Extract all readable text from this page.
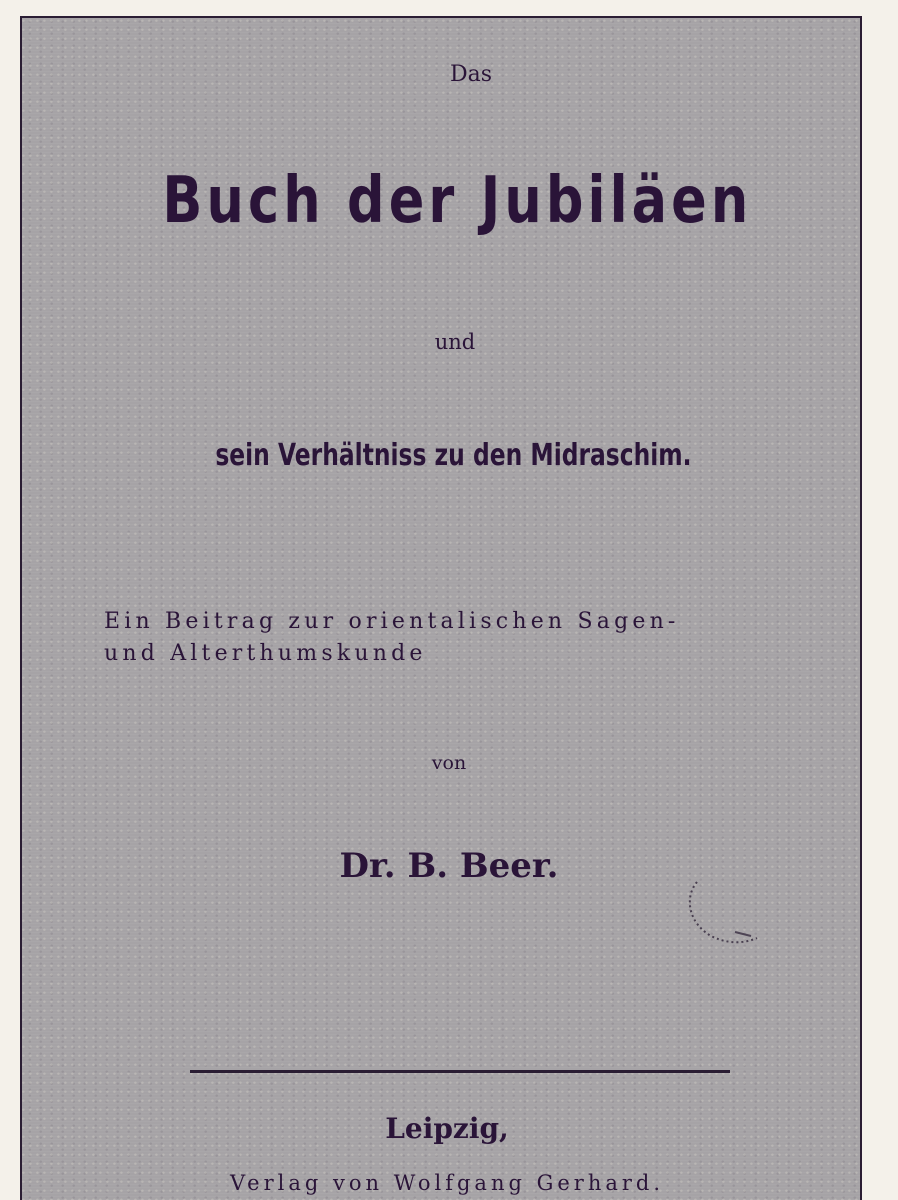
Das
Buch der Jubiläen
und
sein Verhältniss zu den Midraschim.
Ein Beitrag zur orientalischen Sagen-
und Alterthumskunde
von
Dr. B. Beer.
Leipzig,
Verlag von Wolfgang Gerhard.
